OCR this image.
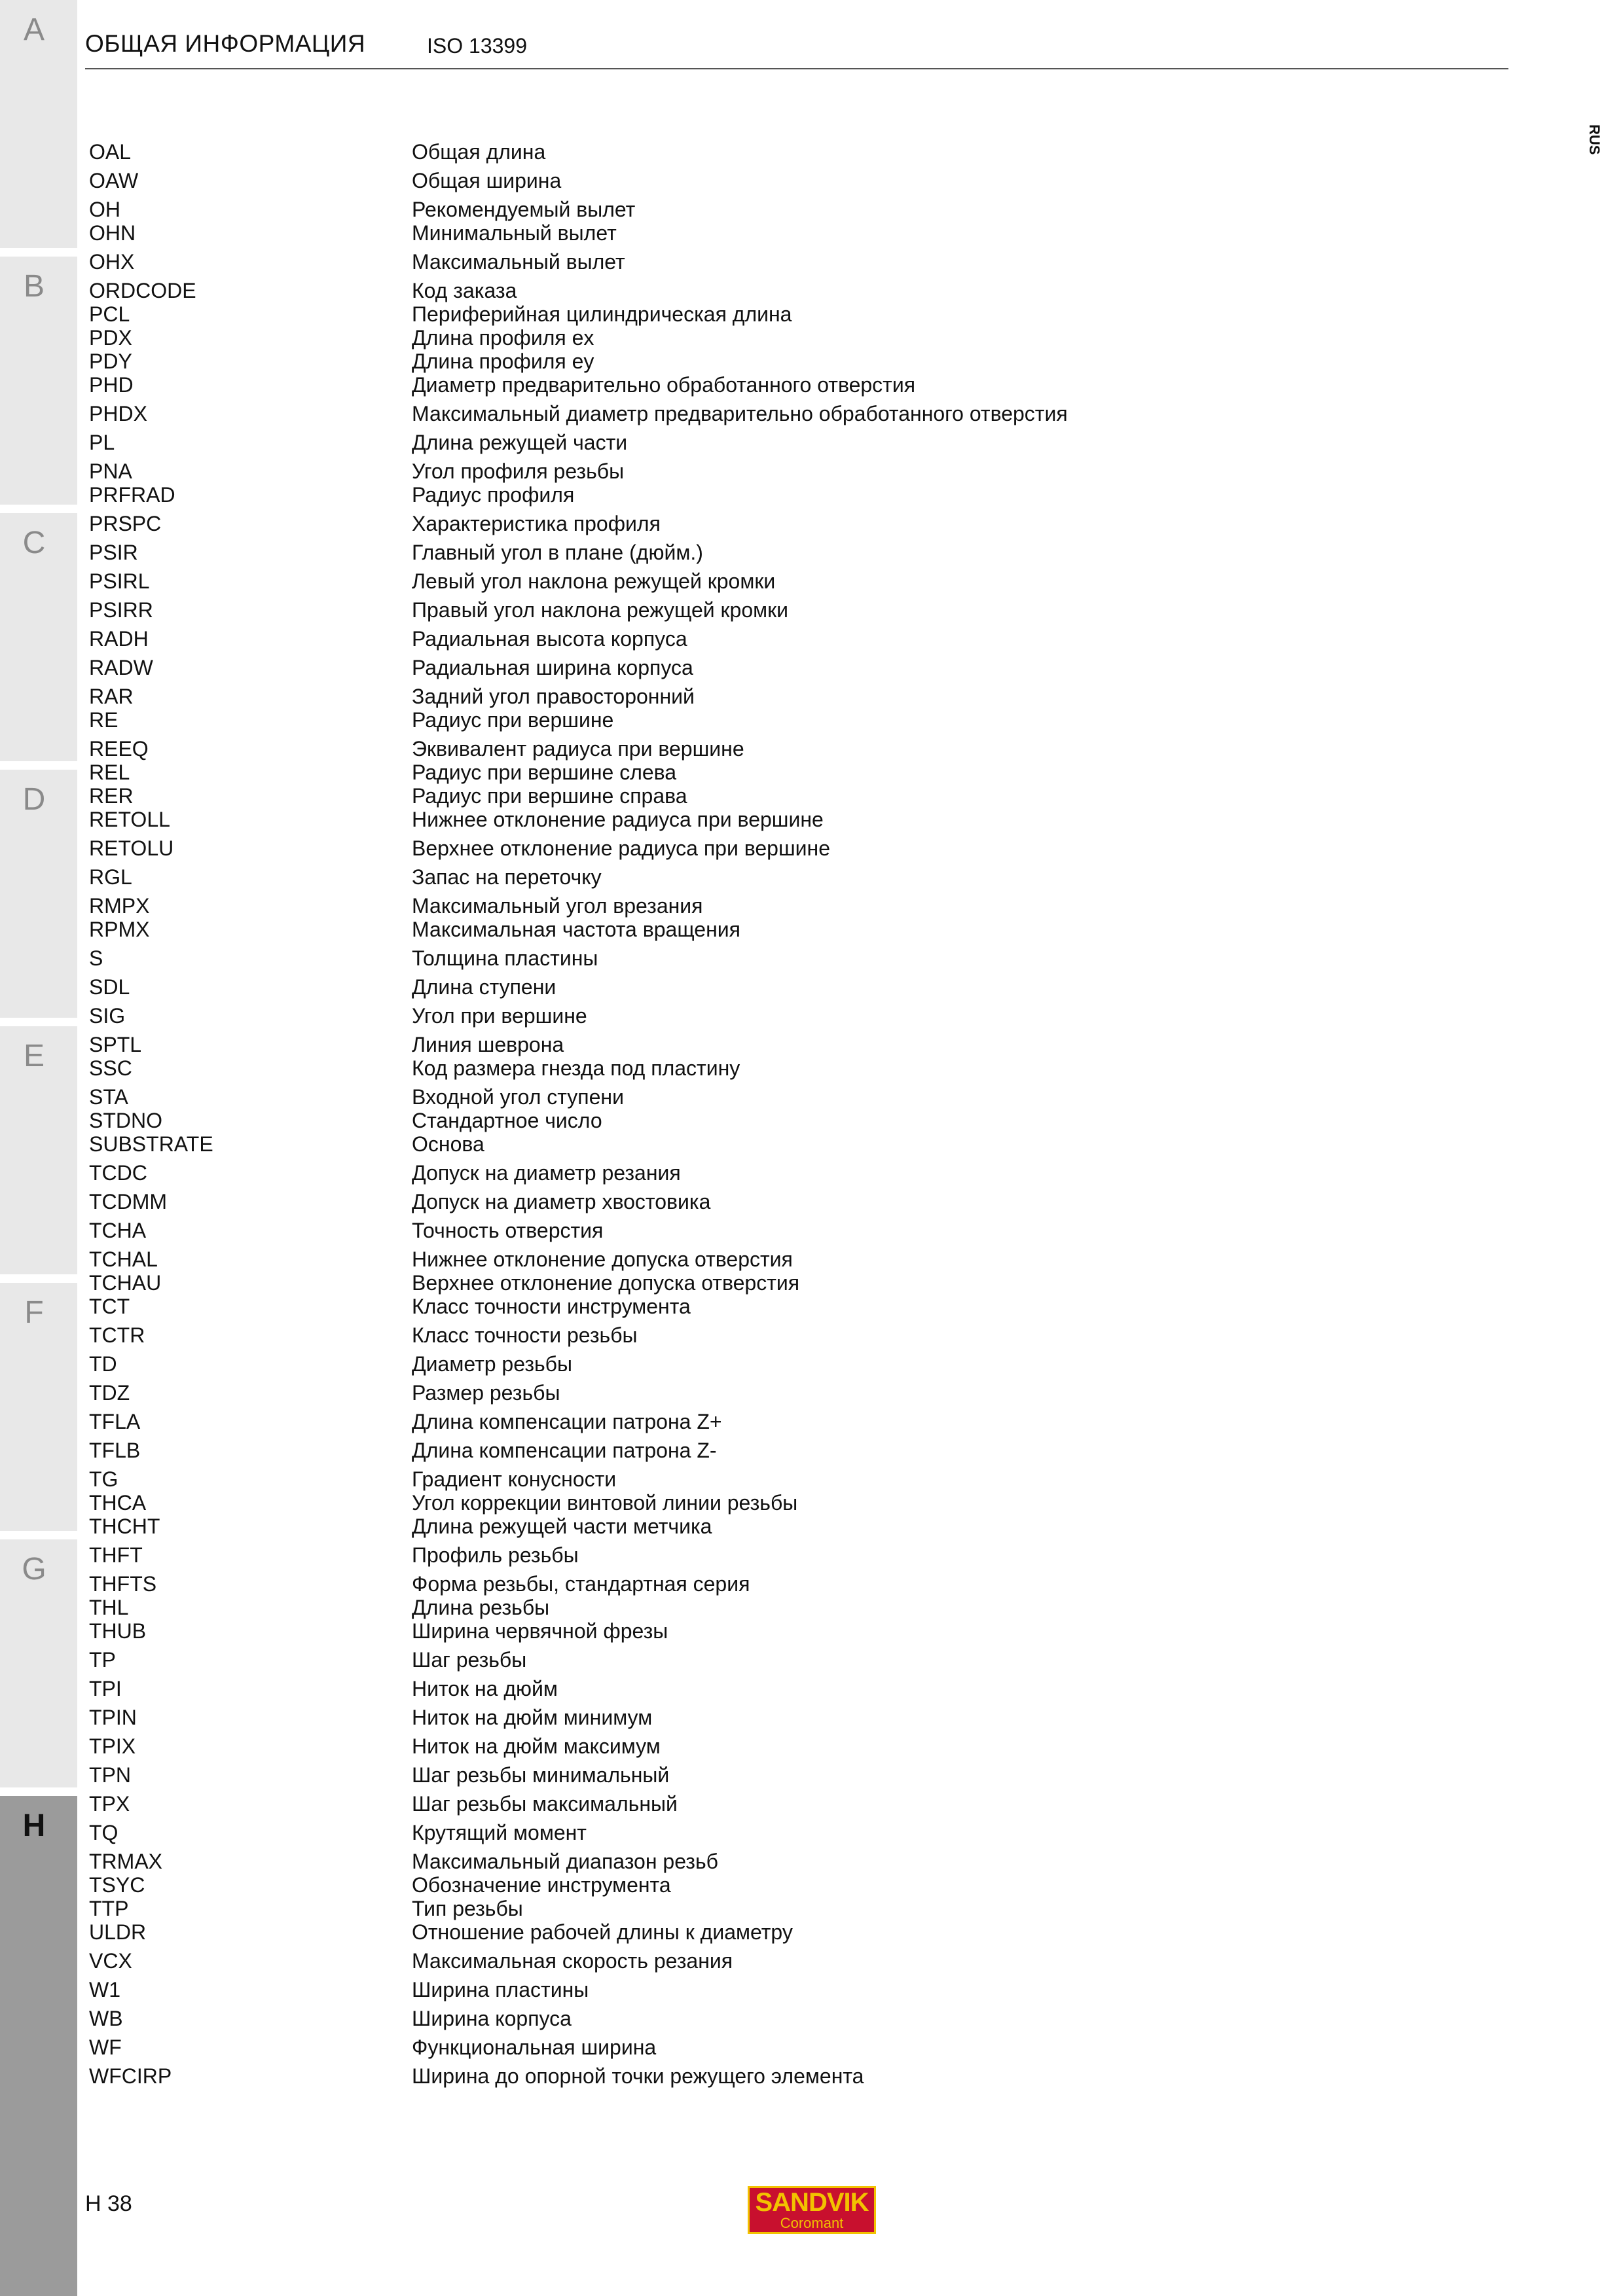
A
B
C
D
E
F
G
H
ОБЩАЯ ИНФОРМАЦИЯ	ISO 13399
RUS
OAL	Общая длина
OAW	Общая ширина
OH	Рекомендуемый вылет
OHN	Минимальный вылет
OHX	Максимальный вылет
ORDCODE	Код заказа
PCL	Периферийная цилиндрическая длина
PDX	Длина профиля ex
PDY	Длина профиля ey
PHD	Диаметр предварительно обработанного отверстия
PHDX	Максимальный диаметр предварительно обработанного отверстия
PL	Длина режущей части
PNA	Угол профиля резьбы
PRFRAD	Радиус профиля
PRSPC	Характеристика профиля
PSIR	Главный угол в плане (дюйм.)
PSIRL	Левый угол наклона режущей кромки
PSIRR	Правый угол наклона режущей кромки
RADH	Радиальная высота корпуса
RADW	Радиальная ширина корпуса
RAR	Задний угол правосторонний
RE	Радиус при вершине
REEQ	Эквивалент радиуса при вершине
REL	Радиус при вершине слева
RER	Радиус при вершине справа
RETOLL	Нижнее отклонение радиуса при вершине
RETOLU	Верхнее отклонение радиуса при вершине
RGL	Запас на переточку
RMPX	Максимальный угол врезания
RPMX	Максимальная частота вращения
S	Толщина пластины
SDL	Длина ступени
SIG	Угол при вершине
SPTL	Линия шеврона
SSC	Код размера гнезда под пластину
STA	Входной угол ступени
STDNO	Стандартное число
SUBSTRATE	Основа
TCDC	Допуск на диаметр резания
TCDMM	Допуск на диаметр хвостовика
TCHA	Точность отверстия
TCHAL	Нижнее отклонение допуска отверстия
TCHAU	Верхнее отклонение допуска отверстия
TCT	Класс точности инструмента
TCTR	Класс точности резьбы
TD	Диаметр резьбы
TDZ	Размер резьбы
TFLA	Длина компенсации патрона Z+
TFLB	Длина компенсации патрона Z-
TG	Градиент конусности
THCA	Угол коррекции винтовой линии резьбы
THCHT	Длина режущей части метчика
THFT	Профиль резьбы
THFTS	Форма резьбы, стандартная серия
THL	Длина резьбы
THUB	Ширина червячной фрезы
TP	Шаг резьбы
TPI	Ниток на дюйм
TPIN	Ниток на дюйм минимум
TPIX	Ниток на дюйм максимум
TPN	Шаг резьбы минимальный
TPX	Шаг резьбы максимальный
TQ	Крутящий момент
TRMAX	Максимальный диапазон резьб
TSYC	Обозначение инструмента
TTP	Тип резьбы
ULDR	Отношение рабочей длины к диаметру
VCX	Максимальная скорость резания
W1	Ширина пластины
WB	Ширина корпуса
WF	Функциональная ширина
WFCIRP	Ширина до опорной точки режущего элемента
H 38	SANDVIK
Coromant
